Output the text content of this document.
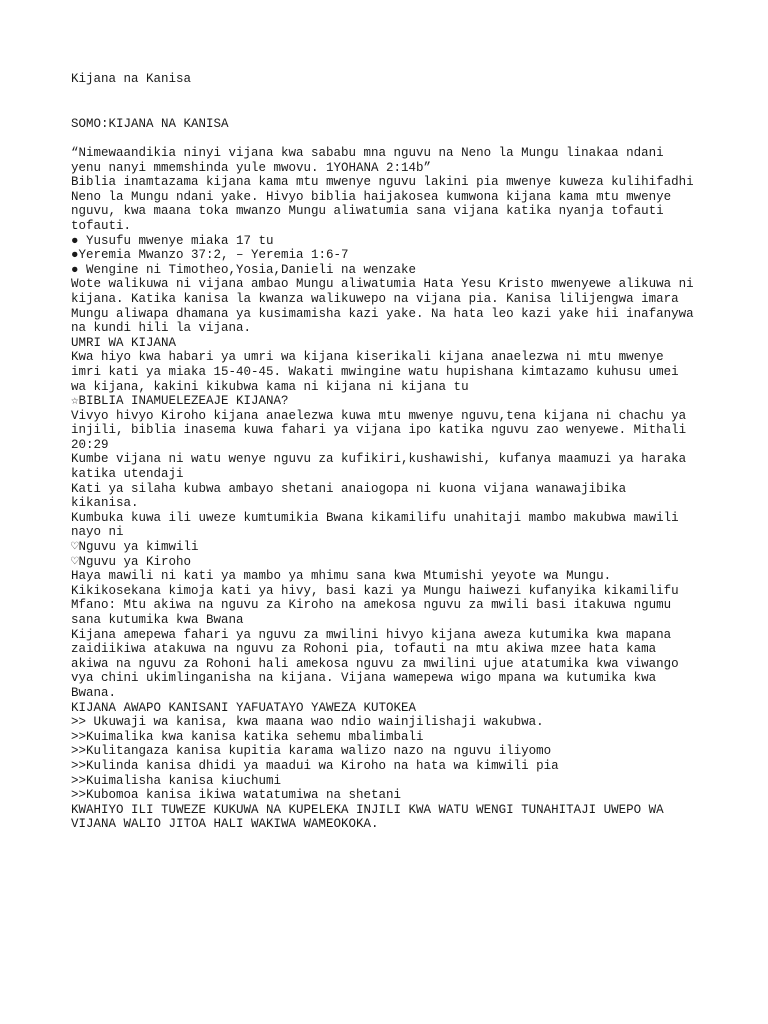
Kijana na Kanisa

SOMO:KIJANA NA KANISA

“Nimewaandikia ninyi vijana kwa sababu mna nguvu na Neno la Mungu linakaa ndani
yenu nanyi mmemshinda yule mwovu. 1YOHANA 2:14b”
Biblia inamtazama kijana kama mtu mwenye nguvu lakini pia mwenye kuweza kulihifadhi
Neno la Mungu ndani yake. Hivyo biblia haijakosea kumwona kijana kama mtu mwenye
nguvu, kwa maana toka mwanzo Mungu aliwatumia sana vijana katika nyanja tofauti
tofauti.
● Yusufu mwenye miaka 17 tu
●Yeremia Mwanzo 37:2, – Yeremia 1:6-7
● Wengine ni Timotheo,Yosia,Danieli na wenzake
Wote walikuwa ni vijana ambao Mungu aliwatumia Hata Yesu Kristo mwenyewe alikuwa ni
kijana. Katika kanisa la kwanza walikuwepo na vijana pia. Kanisa lilijengwa imara
Mungu aliwapa dhamana ya kusimamisha kazi yake. Na hata leo kazi yake hii inafanywa
na kundi hili la vijana.
UMRI WA KIJANA
Kwa hiyo kwa habari ya umri wa kijana kiserikali kijana anaelezwa ni mtu mwenye
imri kati ya miaka 15-40-45. Wakati mwingine watu hupishana kimtazamo kuhusu umei
wa kijana, kakini kikubwa kama ni kijana ni kijana tu
☆BIBLIA INAMUELEZEAJE KIJANA?
Vivyo hivyo Kiroho kijana anaelezwa kuwa mtu mwenye nguvu,tena kijana ni chachu ya
injili, biblia inasema kuwa fahari ya vijana ipo katika nguvu zao wenyewe. Mithali
20:29
Kumbe vijana ni watu wenye nguvu za kufikiri,kushawishi, kufanya maamuzi ya haraka
katika utendaji
Kati ya silaha kubwa ambayo shetani anaiogopa ni kuona vijana wanawajibika
kikanisa.
Kumbuka kuwa ili uweze kumtumikia Bwana kikamilifu unahitaji mambo makubwa mawili
nayo ni
♡Nguvu ya kimwili
♡Nguvu ya Kiroho
Haya mawili ni kati ya mambo ya mhimu sana kwa Mtumishi yeyote wa Mungu.
Kikikosekana kimoja kati ya hivy, basi kazi ya Mungu haiwezi kufanyika kikamilifu
Mfano: Mtu akiwa na nguvu za Kiroho na amekosa nguvu za mwili basi itakuwa ngumu
sana kutumika kwa Bwana
Kijana amepewa fahari ya nguvu za mwilini hivyo kijana aweza kutumika kwa mapana
zaidiikiwa atakuwa na nguvu za Rohoni pia, tofauti na mtu akiwa mzee hata kama
akiwa na nguvu za Rohoni hali amekosa nguvu za mwilini ujue atatumika kwa viwango
vya chini ukimlinganisha na kijana. Vijana wamepewa wigo mpana wa kutumika kwa
Bwana.
KIJANA AWAPO KANISANI YAFUATAYO YAWEZA KUTOKEA
>> Ukuwaji wa kanisa, kwa maana wao ndio wainjilishaji wakubwa.
>>Kuimalika kwa kanisa katika sehemu mbalimbali
>>Kulitangaza kanisa kupitia karama walizo nazo na nguvu iliyomo
>>Kulinda kanisa dhidi ya maadui wa Kiroho na hata wa kimwili pia
>>Kuimalisha kanisa kiuchumi
>>Kubomoa kanisa ikiwa watatumiwa na shetani
KWAHIYO ILI TUWEZE KUKUWA NA KUPELEKA INJILI KWA WATU WENGI TUNAHITAJI UWEPO WA
VIJANA WALIO JITOA HALI WAKIWA WAMEOKOKA.
